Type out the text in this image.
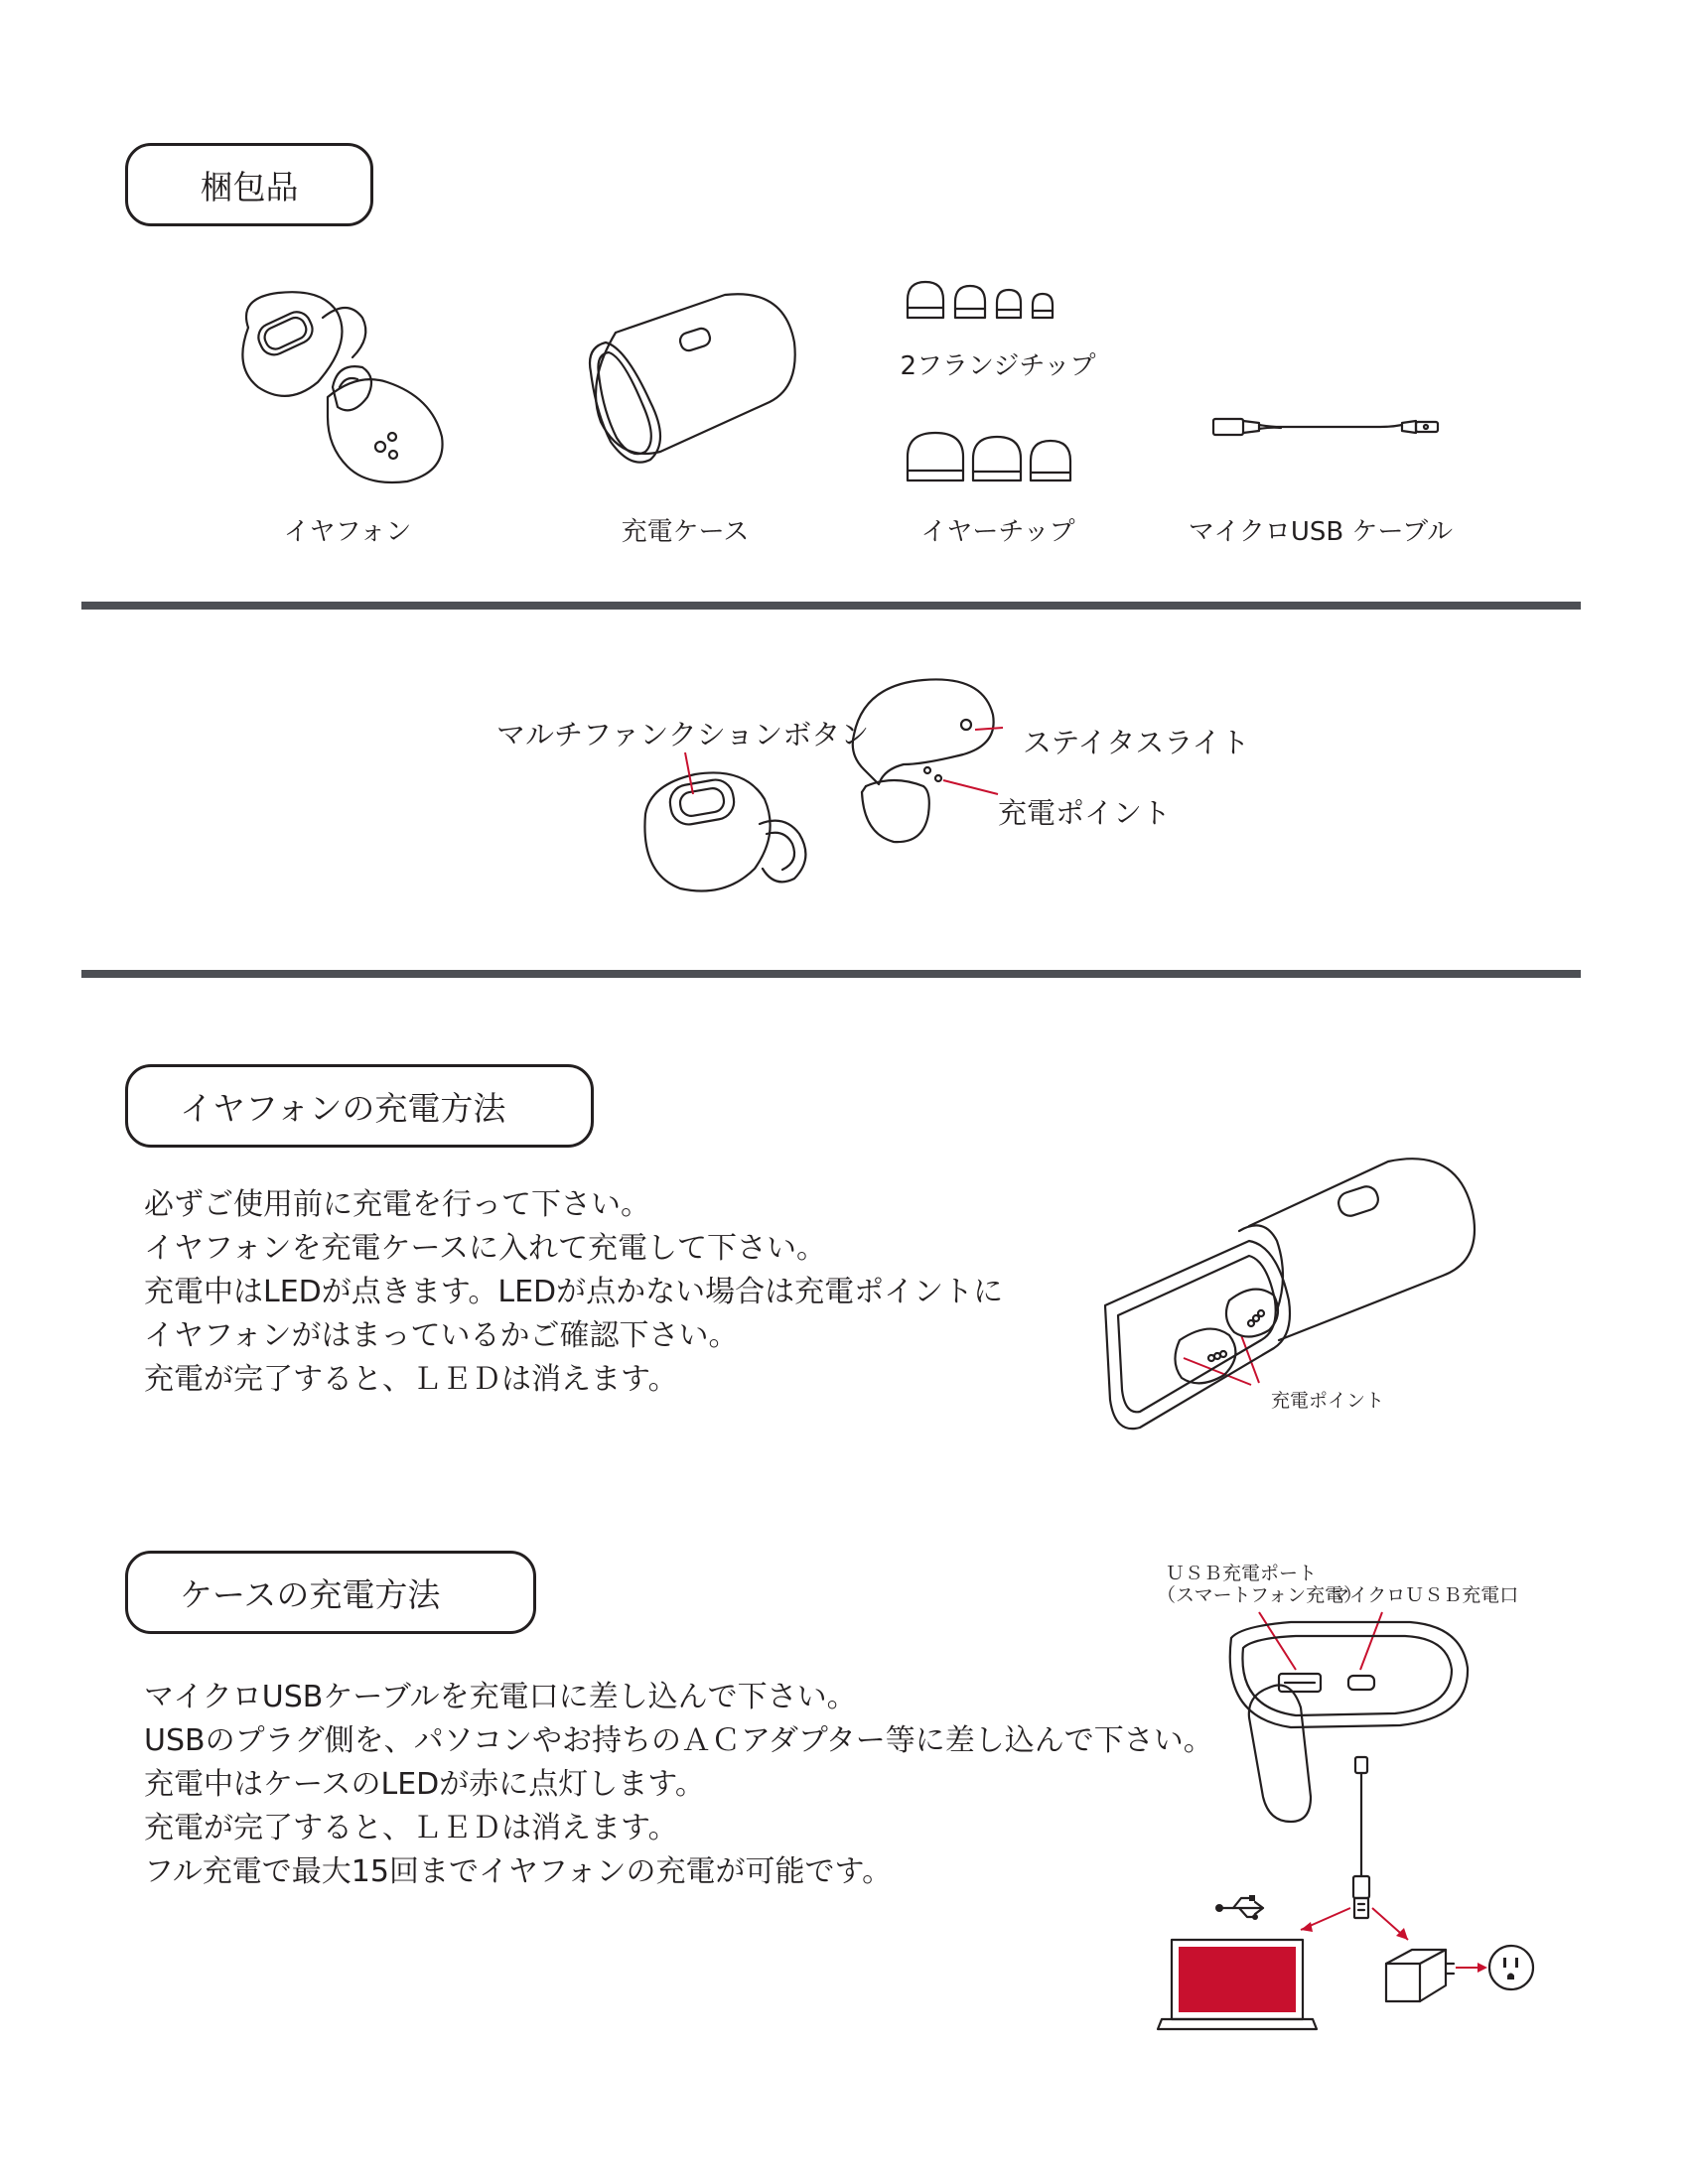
梱包品
イヤフォン	充電ケース
2フランジチップ
イヤーチップ	マイクロUSB ケーブル
マルチファンクションボタン	ステイタスライト
充電ポイント
イヤフォンの充電方法

必ずご使用前に充電を行って下さい。

イヤフォンを充電ケースに入れて充電して下さい。

充電中はLEDが点きます。LEDが点かない場合は充電ポイントに

イヤフォンがはまっているかご確認下さい。

充電が完了すると、ＬＥＤは消えます。

充電ポイント
ケースの充電方法

マイクロUSBケーブルを充電口に差し込んで下さい。

USBのプラグ側を、パソコンやお持ちのＡＣアダプター等に差し込んで下さい。

充電中はケースのLEDが赤に点灯します。

充電が完了すると、ＬＥＤは消えます。

フル充電で最大15回までイヤフォンの充電が可能です。

ＵＳＢ充電ポート
（スマートフォン充電）
マイクロＵＳＢ充電口
